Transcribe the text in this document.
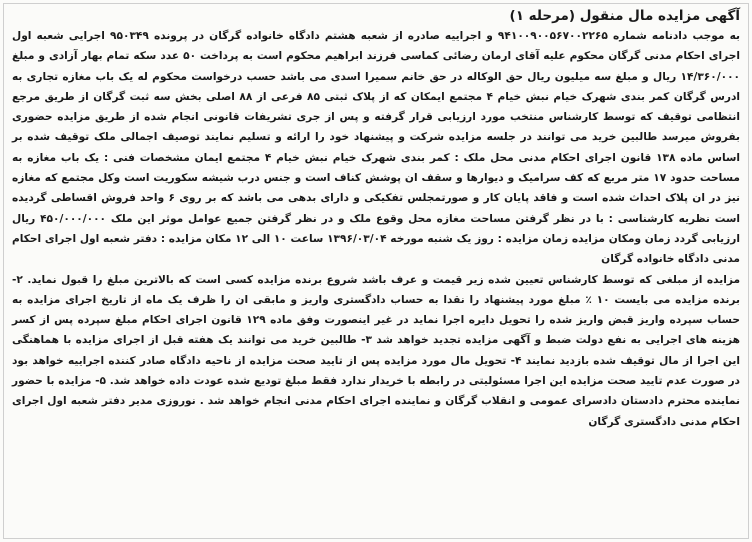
آگهی مزایده مال منقول (مرحله ۱)

به موجب دادنامه شماره ۹۴۱۰۰۹۰۰۵۶۷۰۰۲۲۶۵ و اجراییه صادره از شعبه هشتم دادگاه خانواده گرگان در پرونده ۹۵۰۳۴۹ اجرایی شعبه اول اجرای احکام مدنی گرگان محکوم علیه آقای ارمان رضائی کماسی فرزند ابراهیم محکوم است به پرداخت ۵۰ عدد سکه تمام بهار آزادی و مبلغ ۱۴/۳۶۰/۰۰۰ ریال و مبلغ سه میلیون ریال حق الوکاله در حق خانم سمیرا اسدی می باشد حسب درخواست محکوم له یک باب مغازه تجاری به ادرس گرگان کمر بندی شهرک خیام نبش خیام ۴ مجتمع ایمکان که از پلاک ثبتی ۸۵ فرعی از ۸۸ اصلی بخش سه ثبت گرگان از طریق مرجع انتظامی توقیف که توسط کارشناس منتخب مورد ارزیابی قرار گرفته و پس از جری تشریفات قانونی انجام شده از طریق مزایده حضوری بفروش میرسد طالبین خرید می توانند در جلسه مزایده شرکت و پیشنهاد خود را ارائه و تسلیم نمایند توصیف اجمالی ملک توقیف شده بر اساس ماده ۱۳۸ قانون اجرای احکام مدنی محل ملک : کمر بندی شهرک خیام نبش خیام ۴ مجتمع ایمان مشخصات فنی : یک باب مغازه به مساحت حدود ۱۷ متر مربع که کف سرامیک و دیوارها و سقف ان پوشش کناف است و جنس درب شیشه سکوریت است وکل مجتمع که مغازه نیز در ان پلاک احداث شده است و فاقد پایان کار و صورتمجلس تفکیکی و دارای بدهی می باشد که بر روی ۶ واحد فروش اقساطی گردیده است نظریه کارشناسی : با در نظر گرفتن مساحت مغازه محل وقوع ملک و در نظر گرفتن جمیع عوامل موثر این ملک ۴۵۰/۰۰۰/۰۰۰ ریال ارزیابی گردد زمان ومکان مزایده زمان مزایده : روز یک شنبه مورخه ۱۳۹۶/۰۳/۰۴ ساعت ۱۰ الی ۱۲ مکان مزایده : دفتر شعبه اول اجرای احکام مدنی دادگاه خانواده گرگان

مزایده از مبلغی که توسط کارشناس تعیین شده زیر قیمت و عرف باشد شروع برنده مزایده کسی است که بالاترین مبلغ را قبول نماید. ۲- برنده مزایده می بایست ۱۰ ٪ مبلغ مورد پیشنهاد را نقدا به حساب دادگستری واریز و مابقی ان را ظرف یک ماه از تاریخ اجرای مزایده به حساب سپرده واریز قبض واریز شده را تحویل دایره اجرا نماید در غیر اینصورت وفق ماده ۱۲۹ قانون اجرای احکام مبلغ سپرده پس از کسر هزینه های اجرایی به نفع دولت ضبط و آگهی مزایده تجدید خواهد شد ۳- طالبین خرید می توانند یک هفته قبل از اجرای مزایده با هماهنگی این اجرا از مال توقیف شده بازدید نمایند ۴- تحویل مال مورد مزایده پس از تایید صحت مزایده از ناحیه دادگاه صادر کننده اجراییه خواهد بود در صورت عدم تایید صحت مزایده این اجرا مسئولیتی در رابطه با خریدار ندارد فقط مبلغ تودیع شده عودت داده خواهد شد. ۵- مزایده با حضور نماینده محترم دادستان دادسرای عمومی و انقلاب گرگان و نماینده اجرای احکام مدنی انجام خواهد شد . نوروزی مدیر دفتر شعبه اول اجرای احکام مدنی دادگستری گرگان
